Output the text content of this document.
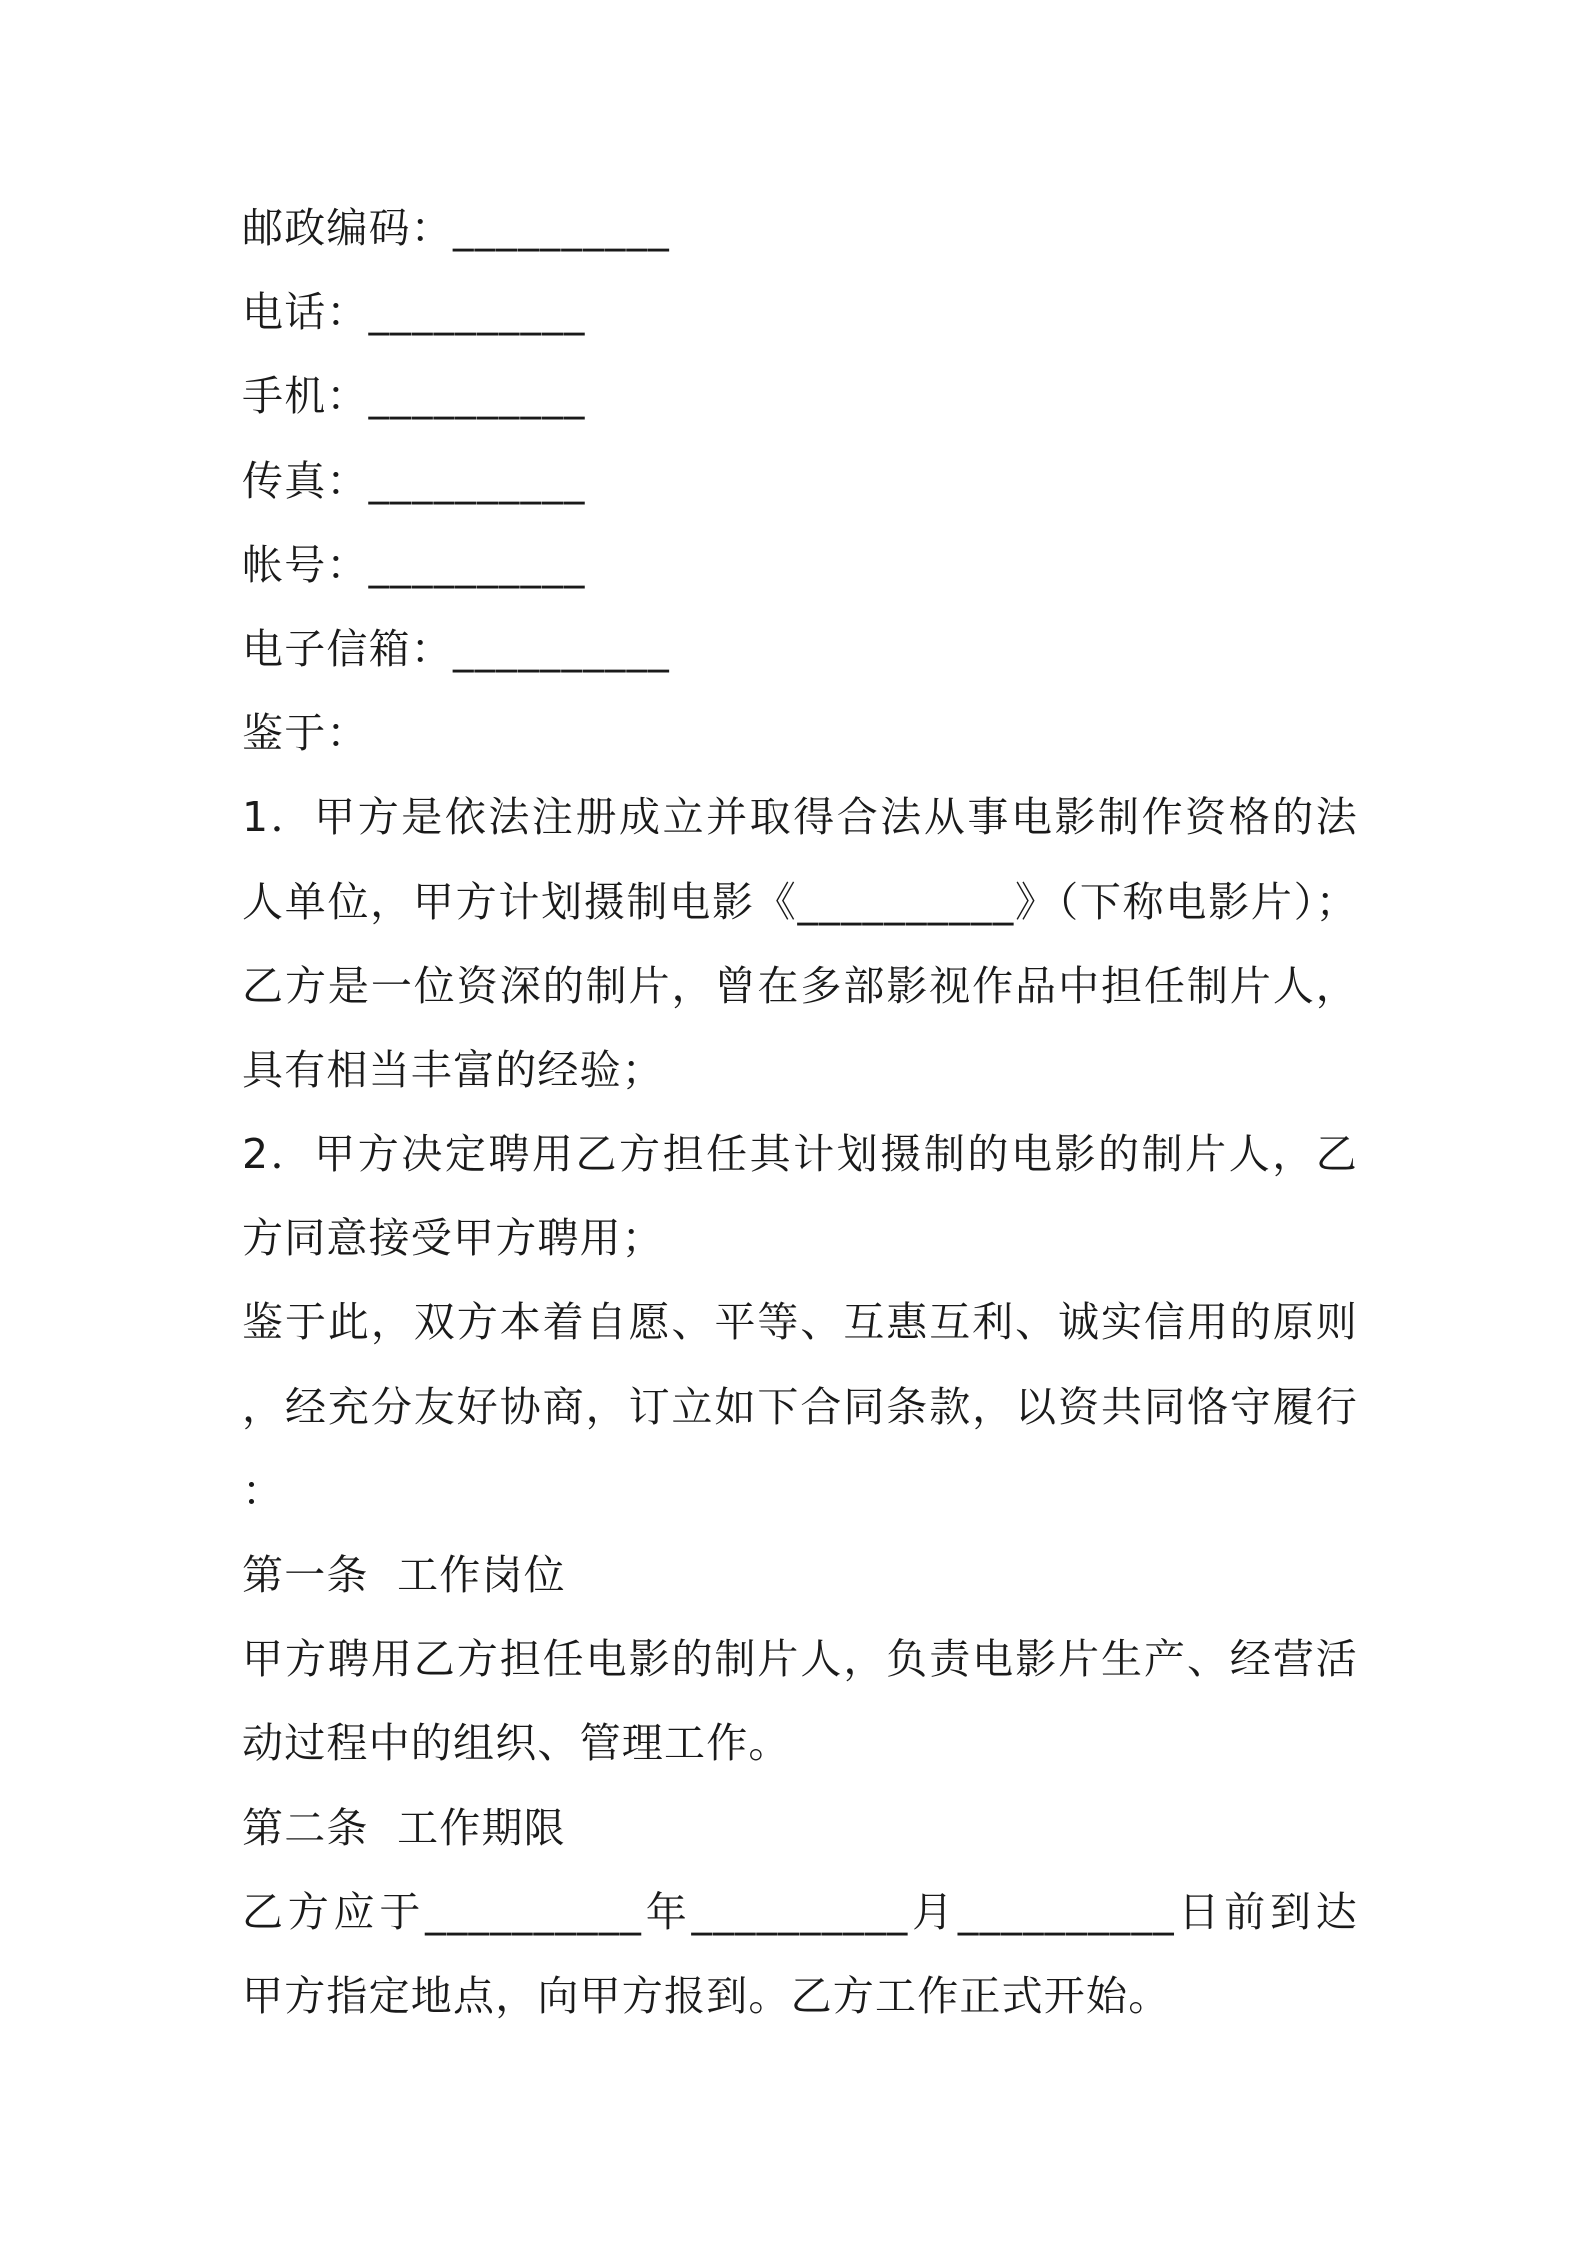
邮政编码：__________
电话：__________
手机：__________
传真：__________
帐号：__________
电子信箱：__________
鉴于：
1．甲方是依法注册成立并取得合法从事电影制作资格的法
人单位，甲方计划摄制电影《__________》（下称电影片）；
乙方是一位资深的制片，曾在多部影视作品中担任制片人，
具有相当丰富的经验；
2．甲方决定聘用乙方担任其计划摄制的电影的制片人，乙
方同意接受甲方聘用；
鉴于此，双方本着自愿、平等、互惠互利、诚实信用的原则
，经充分友好协商，订立如下合同条款，以资共同恪守履行
：
第一条  工作岗位
甲方聘用乙方担任电影的制片人，负责电影片生产、经营活
动过程中的组织、管理工作。
第二条  工作期限
乙方应于__________年__________月__________日前到达
甲方指定地点，向甲方报到。乙方工作正式开始。
